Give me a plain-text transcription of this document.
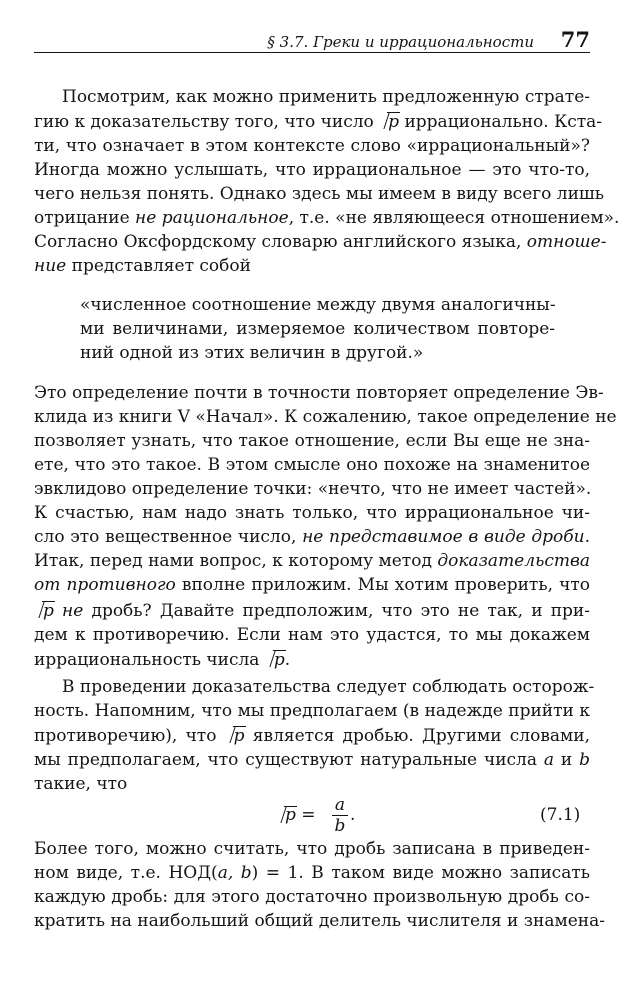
§ 3.7. Греки и иррациональности 77
Посмотрим, как можно применить предложенную страте-
гию к доказательству того, что число p иррационально. Кста-
ти, что означает в этом контексте слово «иррациональный»?
Иногда можно услышать, что иррациональное — это что-то,
чего нельзя понять. Однако здесь мы имеем в виду всего лишь
отрицание не рациональное, т.е. «не являющееся отношением».
Согласно Оксфордскому словарю английского языка, отноше-
ние представляет собой
«численное соотношение между двумя аналогичны-
ми величинами, измеряемое количеством повторе-
ний одной из этих величин в другой.»
Это определение почти в точности повторяет определение Эв-
клида из книги V «Начал». К сожалению, такое определение не
позволяет узнать, что такое отношение, если Вы еще не зна-
ете, что это такое. В этом смысле оно похоже на знаменитое
эвклидово определение точки: «нечто, что не имеет частей».
К счастью, нам надо знать только, что иррациональное чи-
сло это вещественное число, не представимое в виде дроби.
Итак, перед нами вопрос, к которому метод доказательства
от противного вполне приложим. Мы хотим проверить, что
p не дробь? Давайте предположим, что это не так, и при-
дем к противоречию. Если нам это удастся, то мы докажем
иррациональность числа p.
В проведении доказательства следует соблюдать осторож-
ность. Напомним, что мы предполагаем (в надежде прийти к
противоречию), что p является дробью. Другими словами,
мы предполагаем, что существуют натуральные числа a и b
такие, что
p = a
b
.	(7.1)
Более того, можно считать, что дробь записана в приведен-
ном виде, т.е. НОД(a, b) = 1. В таком виде можно записать
каждую дробь: для этого достаточно произвольную дробь со-
кратить на наибольший общий делитель числителя и знамена-
